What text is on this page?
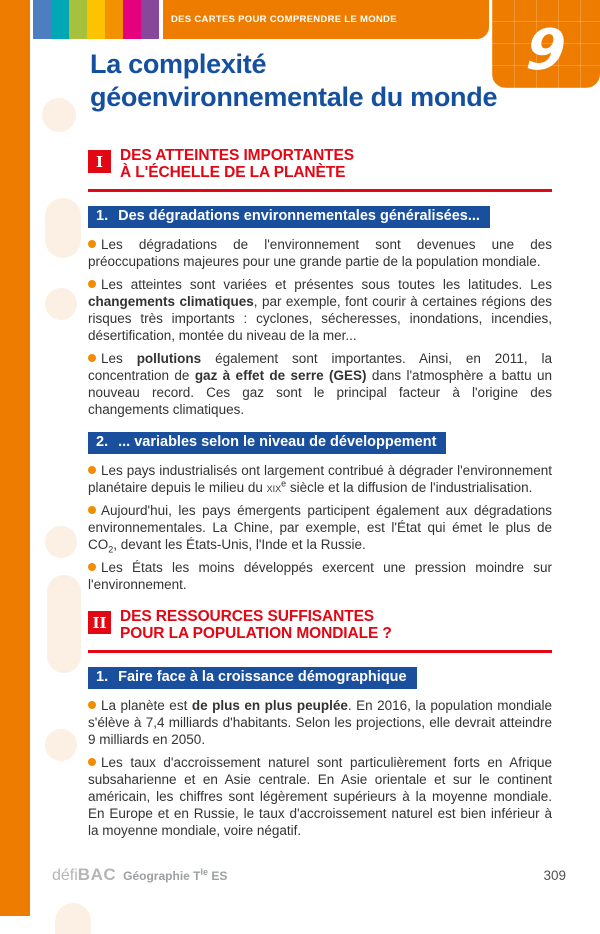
DES CARTES POUR COMPRENDRE LE MONDE 9
La complexité
géoenvironnementale du monde
I	DES ATTEINTES IMPORTANTES
À L'ÉCHELLE DE LA PLANÈTE
1. Des dégradations environnementales généralisées...

Les dégradations de l'environnement sont devenues une des préoccupations majeures pour une grande partie de la population mondiale.

Les atteintes sont variées et présentes sous toutes les latitudes. Les changements climatiques, par exemple, font courir à certaines régions des risques très importants : cyclones, sécheresses, inondations, incendies, désertification, montée du niveau de la mer...

Les pollutions également sont importantes. Ainsi, en 2011, la concentration de gaz à effet de serre (GES) dans l'atmosphère a battu un nouveau record. Ces gaz sont le principal facteur à l'origine des changements climatiques.

2. ... variables selon le niveau de développement

Les pays industrialisés ont largement contribué à dégrader l'environnement planétaire depuis le milieu du xix$^e$ siècle et la diffusion de l'industrialisation.

Aujourd'hui, les pays émergents participent également aux dégradations environnementales. La Chine, par exemple, est l'État qui émet le plus de $CO_2$, devant les États-Unis, l'Inde et la Russie.

Les États les moins développés exercent une pression moindre sur l'environnement.

II DES RESSOURCES SUFFISANTES
POUR LA POPULATION MONDIALE ?
1. Faire face à la croissance démographique

La planète est de plus en plus peuplée. En 2016, la population mondiale s'élève à 7,4 milliards d'habitants. Selon les projections, elle devrait atteindre 9 milliards en 2050.

Les taux d'accroissement naturel sont particulièrement forts en Afrique subsaharienne et en Asie centrale. En Asie orientale et sur le continent américain, les chiffres sont légèrement supérieurs à la moyenne mondiale. En Europe et en Russie, le taux d'accroissement naturel est bien inférieur à la moyenne mondiale, voire négatif.

défiBAC Géographie $T^{le}$ ES	309
